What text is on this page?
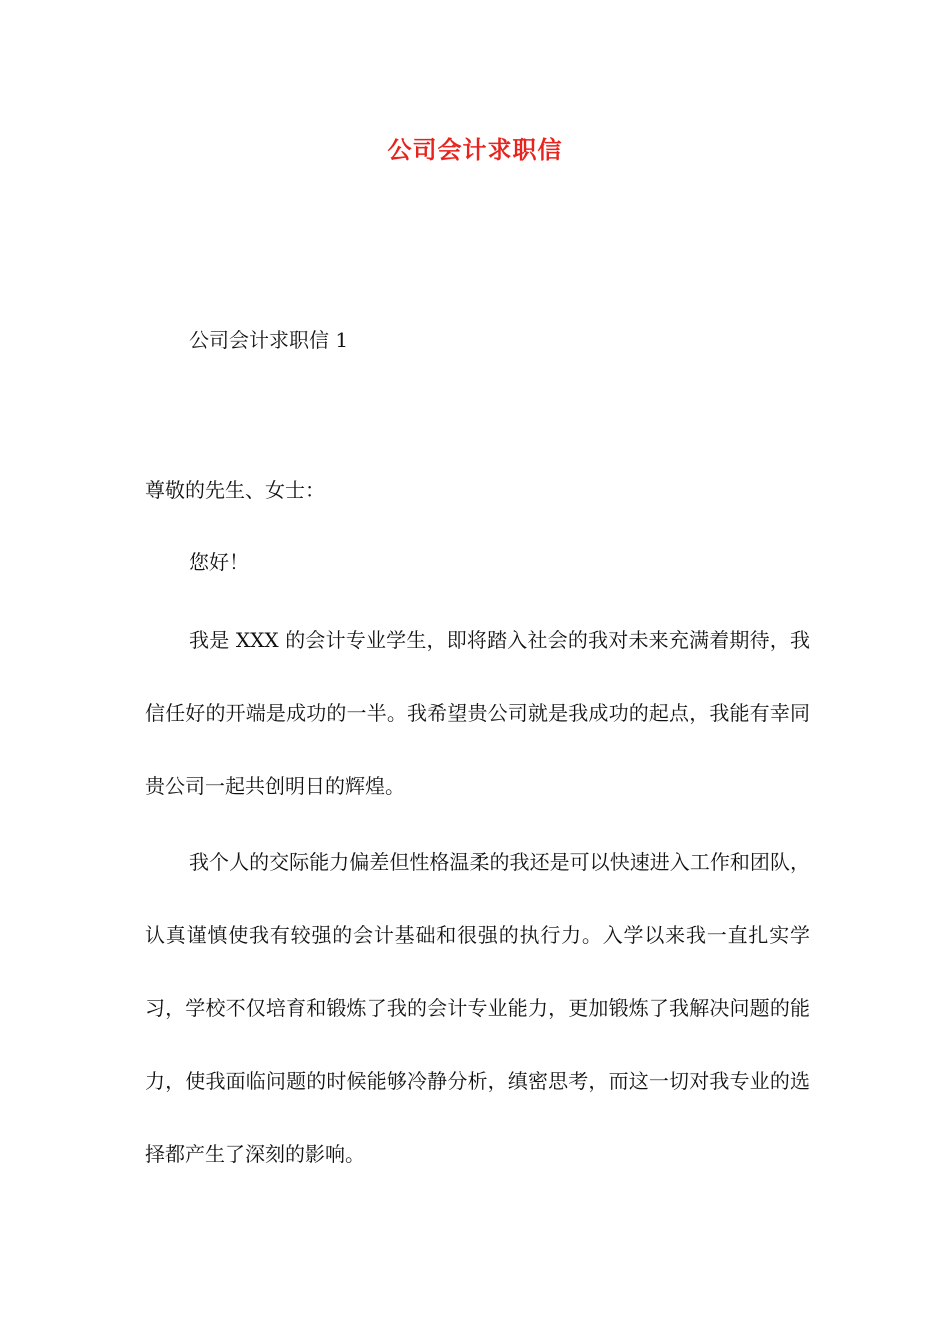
公司会计求职信
公司会计求职信 1
尊敬的先生、女士：
您好！

我是 XXX 的会计专业学生，即将踏入社会的我对未来充满着期待，我信任好的开端是成功的一半。我希望贵公司就是我成功的起点，我能有幸同贵公司一起共创明日的辉煌。

我个人的交际能力偏差但性格温柔的我还是可以快速进入工作和团队，认真谨慎使我有较强的会计基础和很强的执行力。入学以来我一直扎实学习，学校不仅培育和锻炼了我的会计专业能力，更加锻炼了我解决问题的能力，使我面临问题的时候能够冷静分析，缜密思考，而这一切对我专业的选择都产生了深刻的影响。
